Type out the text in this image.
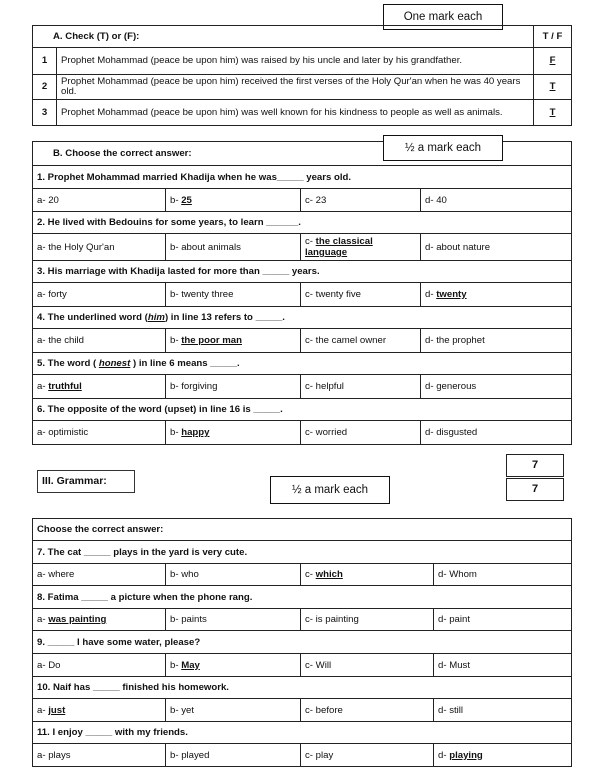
One mark each
A. Check (T) or (F):		T / F
1	Prophet Mohammad (peace be upon him) was raised by his uncle and later by his grandfather.	F
2	Prophet Mohammad (peace be upon him) received the first verses of the Holy Qur'an when he was 40 years old.	T
3	Prophet Mohammad (peace be upon him) was well known for his kindness to people as well as animals.	T
B. Choose the correct answer:			
1. Prophet Mohammad married Khadija when he was_____ years old.			
a- 20	b- 25	c- 23	d- 40
2. He lived with Bedouins for some years, to learn ______.			
a- the Holy Qur'an	b- about animals	c- the classical language	d- about nature
3. His marriage with Khadija lasted for more than _____ years.			
a- forty	b- twenty three	c- twenty five	d- twenty
4. The underlined word (him) in line 13 refers to _____.			
a- the child	b- the poor man	c- the camel owner	d- the prophet
5. The word ( honest ) in line 6 means _____.			
a- truthful	b- forgiving	c- helpful	d- generous
6. The opposite of the word (upset) in line 16 is _____.			
a- optimistic	b- happy	c- worried	d- disgusted
½ a mark each
7
7
III. Grammar:
½ a mark each
Choose the correct answer:			
7. The cat _____ plays in the yard is very cute.			
a- where	b- who	c- which	d- Whom
8. Fatima _____ a picture when the phone rang.			
a- was painting	b- paints	c- is painting	d- paint
9. _____ I have some water, please?			
a- Do	b- May	c- Will	d- Must
10. Naif has _____ finished his homework.			
a- just	b- yet	c- before	d- still
11. I enjoy _____ with my friends.			
a- plays	b- played	c- play	d- playing
